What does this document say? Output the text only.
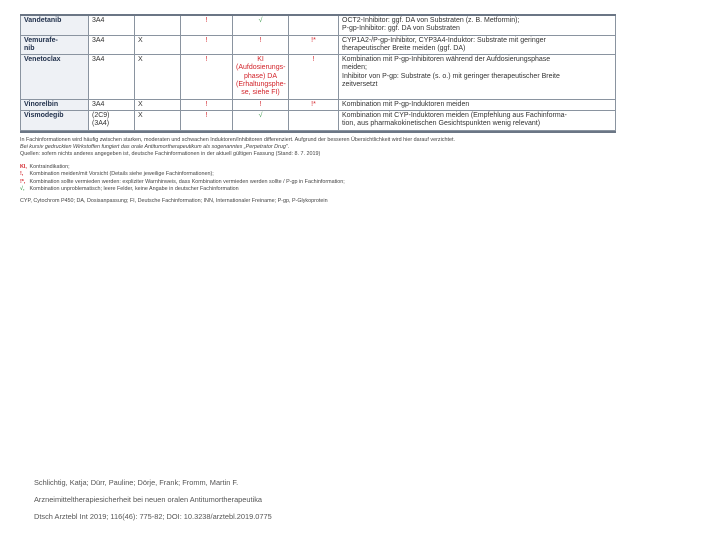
Vandetanib	3A4		!	√		OCT2-Inhibitor: ggf. DA von Substraten (z. B. Metformin);
P-gp-Inhibitor: ggf. DA von Substraten
Vemurafe-
nib	3A4	X	!	!	!*	CYP1A2-/P-gp-Inhibitor, CYP3A4-Induktor: Substrate mit geringer
therapeutischer Breite meiden (ggf. DA)
Venetoclax	3A4	X	!	KI
(Aufdosierungs-
phase) DA
(Erhaltungsphe-
se, siehe FI)	!	Kombination mit P-gp-Inhibitoren während der Aufdosierungsphase
meiden;
Inhibitor von P-gp: Substrate (s. o.) mit geringer therapeutischer Breite
zeitversetzt
Vinorelbin	3A4	X	!	!	!*	Kombination mit P-gp-Induktoren meiden
Vismodegib	(2C9)
(3A4)	X	!	√		Kombination mit CYP-Induktoren meiden (Empfehlung aus Fachinforma-
tion, aus pharmakokinetischen Gesichtspunkten wenig relevant)

In Fachinformationen wird häufig zwischen starken, moderaten und schwachen Induktoren/Inhibitoren differenziert. Aufgrund der besseren Übersichtlichkeit wird hier darauf verzichtet.

Bei kursiv gedruckten Wirkstoffen fungiert das orale Antitumortherapeutikum als sogenanntes „Perpetrator Drug".

Quellen: sofern nichts anderes angegeben ist, deutsche Fachinformationen in der aktuell gültigen Fassung (Stand: 8. 7. 2019)

KI, Kontraindikation;

!, Kombination meiden/mit Vorsicht (Details siehe jeweilige Fachinformationen);

!*, Kombination sollte vermieden werden: expliziter Warnhinweis, dass Kombination vermieden werden sollte / P-gp in Fachinformation;

√, Kombination unproblematisch; leere Felder, keine Angabe in deutscher Fachinformation

CYP, Cytochrom P450; DA, Dosisanpassung; FI, Deutsche Fachinformation; INN, Internationaler Freiname; P-gp, P-Glykoprotein

Schlichtig, Katja; Dürr, Pauline; Dörje, Frank; Fromm, Martin F.
Arzneimitteltherapiesicherheit bei neuen oralen Antitumortherapeutika
Dtsch Arztebl Int 2019; 116(46): 775-82; DOI: 10.3238/arztebl.2019.0775
